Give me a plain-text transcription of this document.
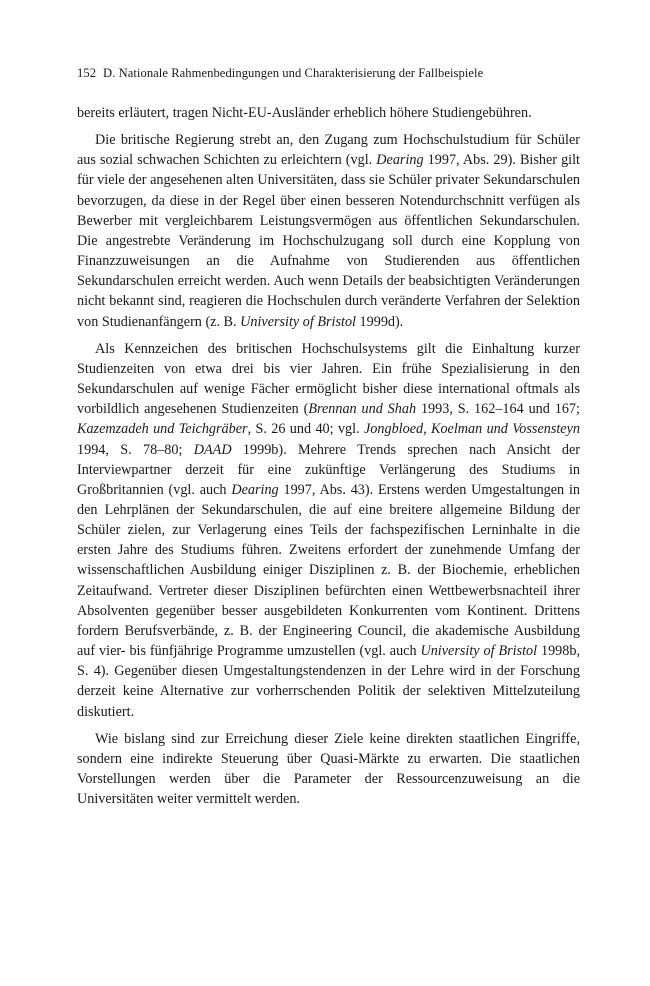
152 D. Nationale Rahmenbedingungen und Charakterisierung der Fallbeispiele

bereits erläutert, tragen Nicht-EU-Ausländer erheblich höhere Studiengebühren.

Die britische Regierung strebt an, den Zugang zum Hochschulstudium für Schüler aus sozial schwachen Schichten zu erleichtern (vgl. Dearing 1997, Abs. 29). Bisher gilt für viele der angesehenen alten Universitäten, dass sie Schüler privater Sekundarschulen bevorzugen, da diese in der Regel über einen besseren Notendurchschnitt verfügen als Bewerber mit vergleichbarem Leistungsvermögen aus öffentlichen Sekundarschulen. Die angestrebte Veränderung im Hochschulzugang soll durch eine Kopplung von Finanzzuweisungen an die Aufnahme von Studierenden aus öffentlichen Sekundarschulen erreicht werden. Auch wenn Details der beabsichtigten Veränderungen nicht bekannt sind, reagieren die Hochschulen durch veränderte Verfahren der Selektion von Studienanfängern (z. B. University of Bristol 1999d).

Als Kennzeichen des britischen Hochschulsystems gilt die Einhaltung kurzer Studienzeiten von etwa drei bis vier Jahren. Ein frühe Spezialisierung in den Sekundarschulen auf wenige Fächer ermöglicht bisher diese international oftmals als vorbildlich angesehenen Studienzeiten (Brennan und Shah 1993, S. 162–164 und 167; Kazemzadeh und Teichgräber, S. 26 und 40; vgl. Jongbloed, Koelman und Vossensteyn 1994, S. 78–80; DAAD 1999b). Mehrere Trends sprechen nach Ansicht der Interviewpartner derzeit für eine zukünftige Verlängerung des Studiums in Großbritannien (vgl. auch Dearing 1997, Abs. 43). Erstens werden Umgestaltungen in den Lehrplänen der Sekundarschulen, die auf eine breitere allgemeine Bildung der Schüler zielen, zur Verlagerung eines Teils der fachspezifischen Lerninhalte in die ersten Jahre des Studiums führen. Zweitens erfordert der zunehmende Umfang der wissenschaftlichen Ausbildung einiger Disziplinen z. B. der Biochemie, erheblichen Zeitaufwand. Vertreter dieser Disziplinen befürchten einen Wettbewerbsnachteil ihrer Absolventen gegenüber besser ausgebildeten Konkurrenten vom Kontinent. Drittens fordern Berufsverbände, z. B. der Engineering Council, die akademische Ausbildung auf vier- bis fünfjährige Programme umzustellen (vgl. auch University of Bristol 1998b, S. 4). Gegenüber diesen Umgestaltungstendenzen in der Lehre wird in der Forschung derzeit keine Alternative zur vorherrschenden Politik der selektiven Mittelzuteilung diskutiert.

Wie bislang sind zur Erreichung dieser Ziele keine direkten staatlichen Eingriffe, sondern eine indirekte Steuerung über Quasi-Märkte zu erwarten. Die staatlichen Vorstellungen werden über die Parameter der Ressourcenzuweisung an die Universitäten weiter vermittelt werden.
